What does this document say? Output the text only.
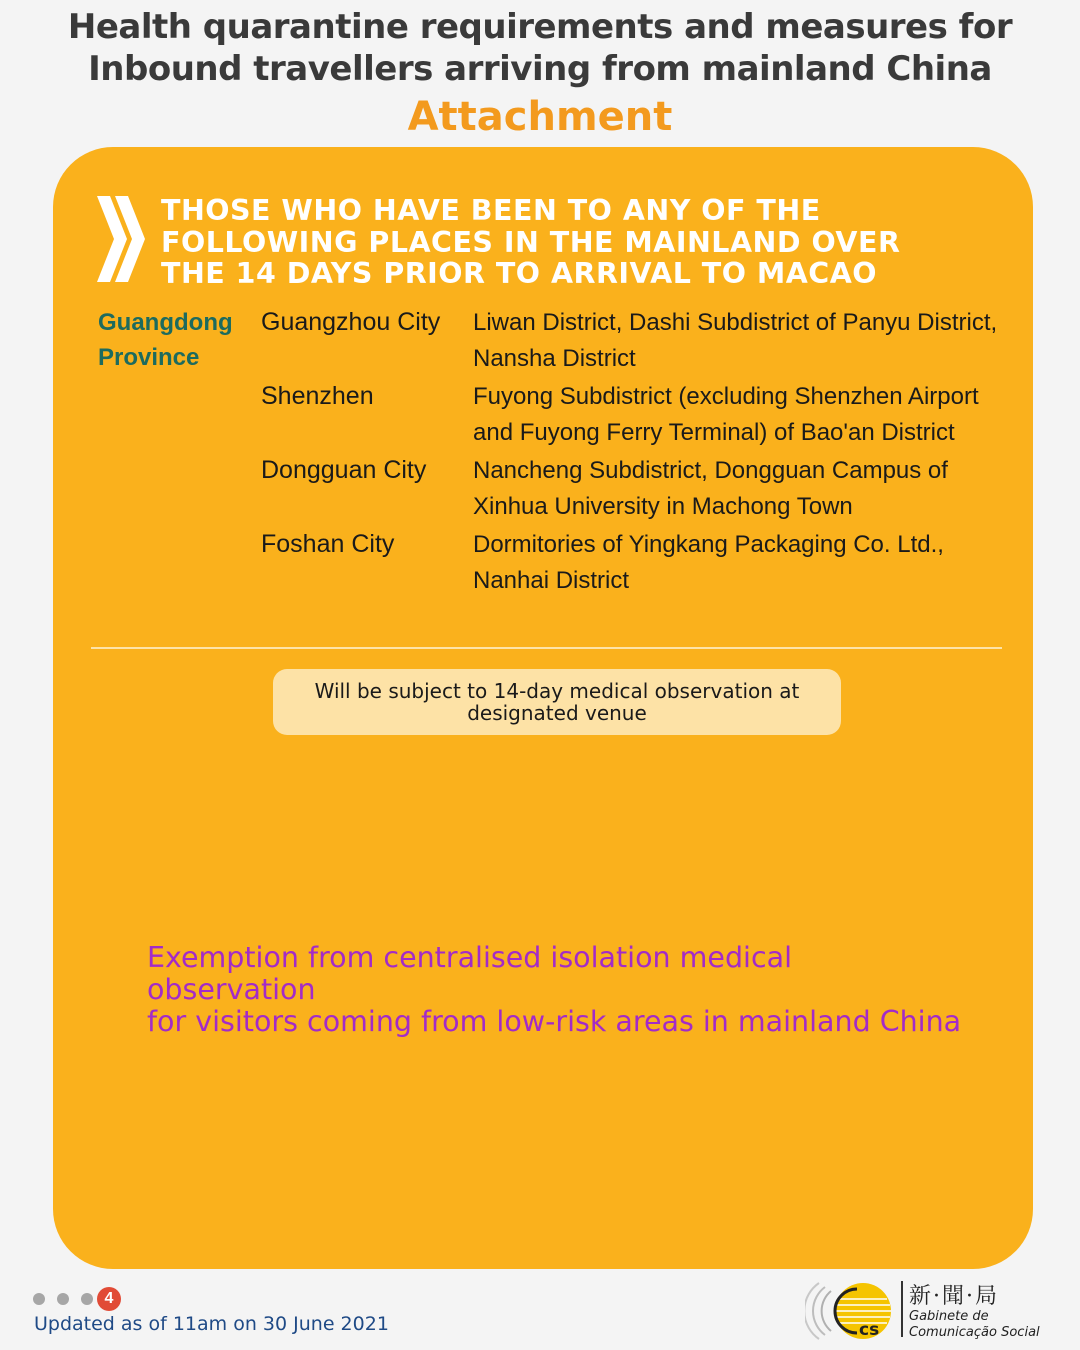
Health quarantine requirements and measures for
Inbound travellers arriving from mainland China
Attachment
THOSE WHO HAVE BEEN TO ANY OF THE
FOLLOWING PLACES IN THE MAINLAND OVER
THE 14 DAYS PRIOR TO ARRIVAL TO MACAO
Guangdong
Province
Guangzhou City	Liwan District, Dashi Subdistrict of Panyu District, Nansha District
Shenzhen	Fuyong Subdistrict (excluding Shenzhen Airport and Fuyong Ferry Terminal) of Bao'an District
Dongguan City	Nancheng Subdistrict, Dongguan Campus of Xinhua University in Machong Town
Foshan City	Dormitories of Yingkang Packaging Co. Ltd., Nanhai District
Will be subject to 14-day medical observation at designated venue
Exemption from centralised isolation medical observation
for visitors coming from low-risk areas in mainland China
4
Updated as of 11am on 30 June 2021	cs
新·聞·局
Gabinete de
Comunicação Social
